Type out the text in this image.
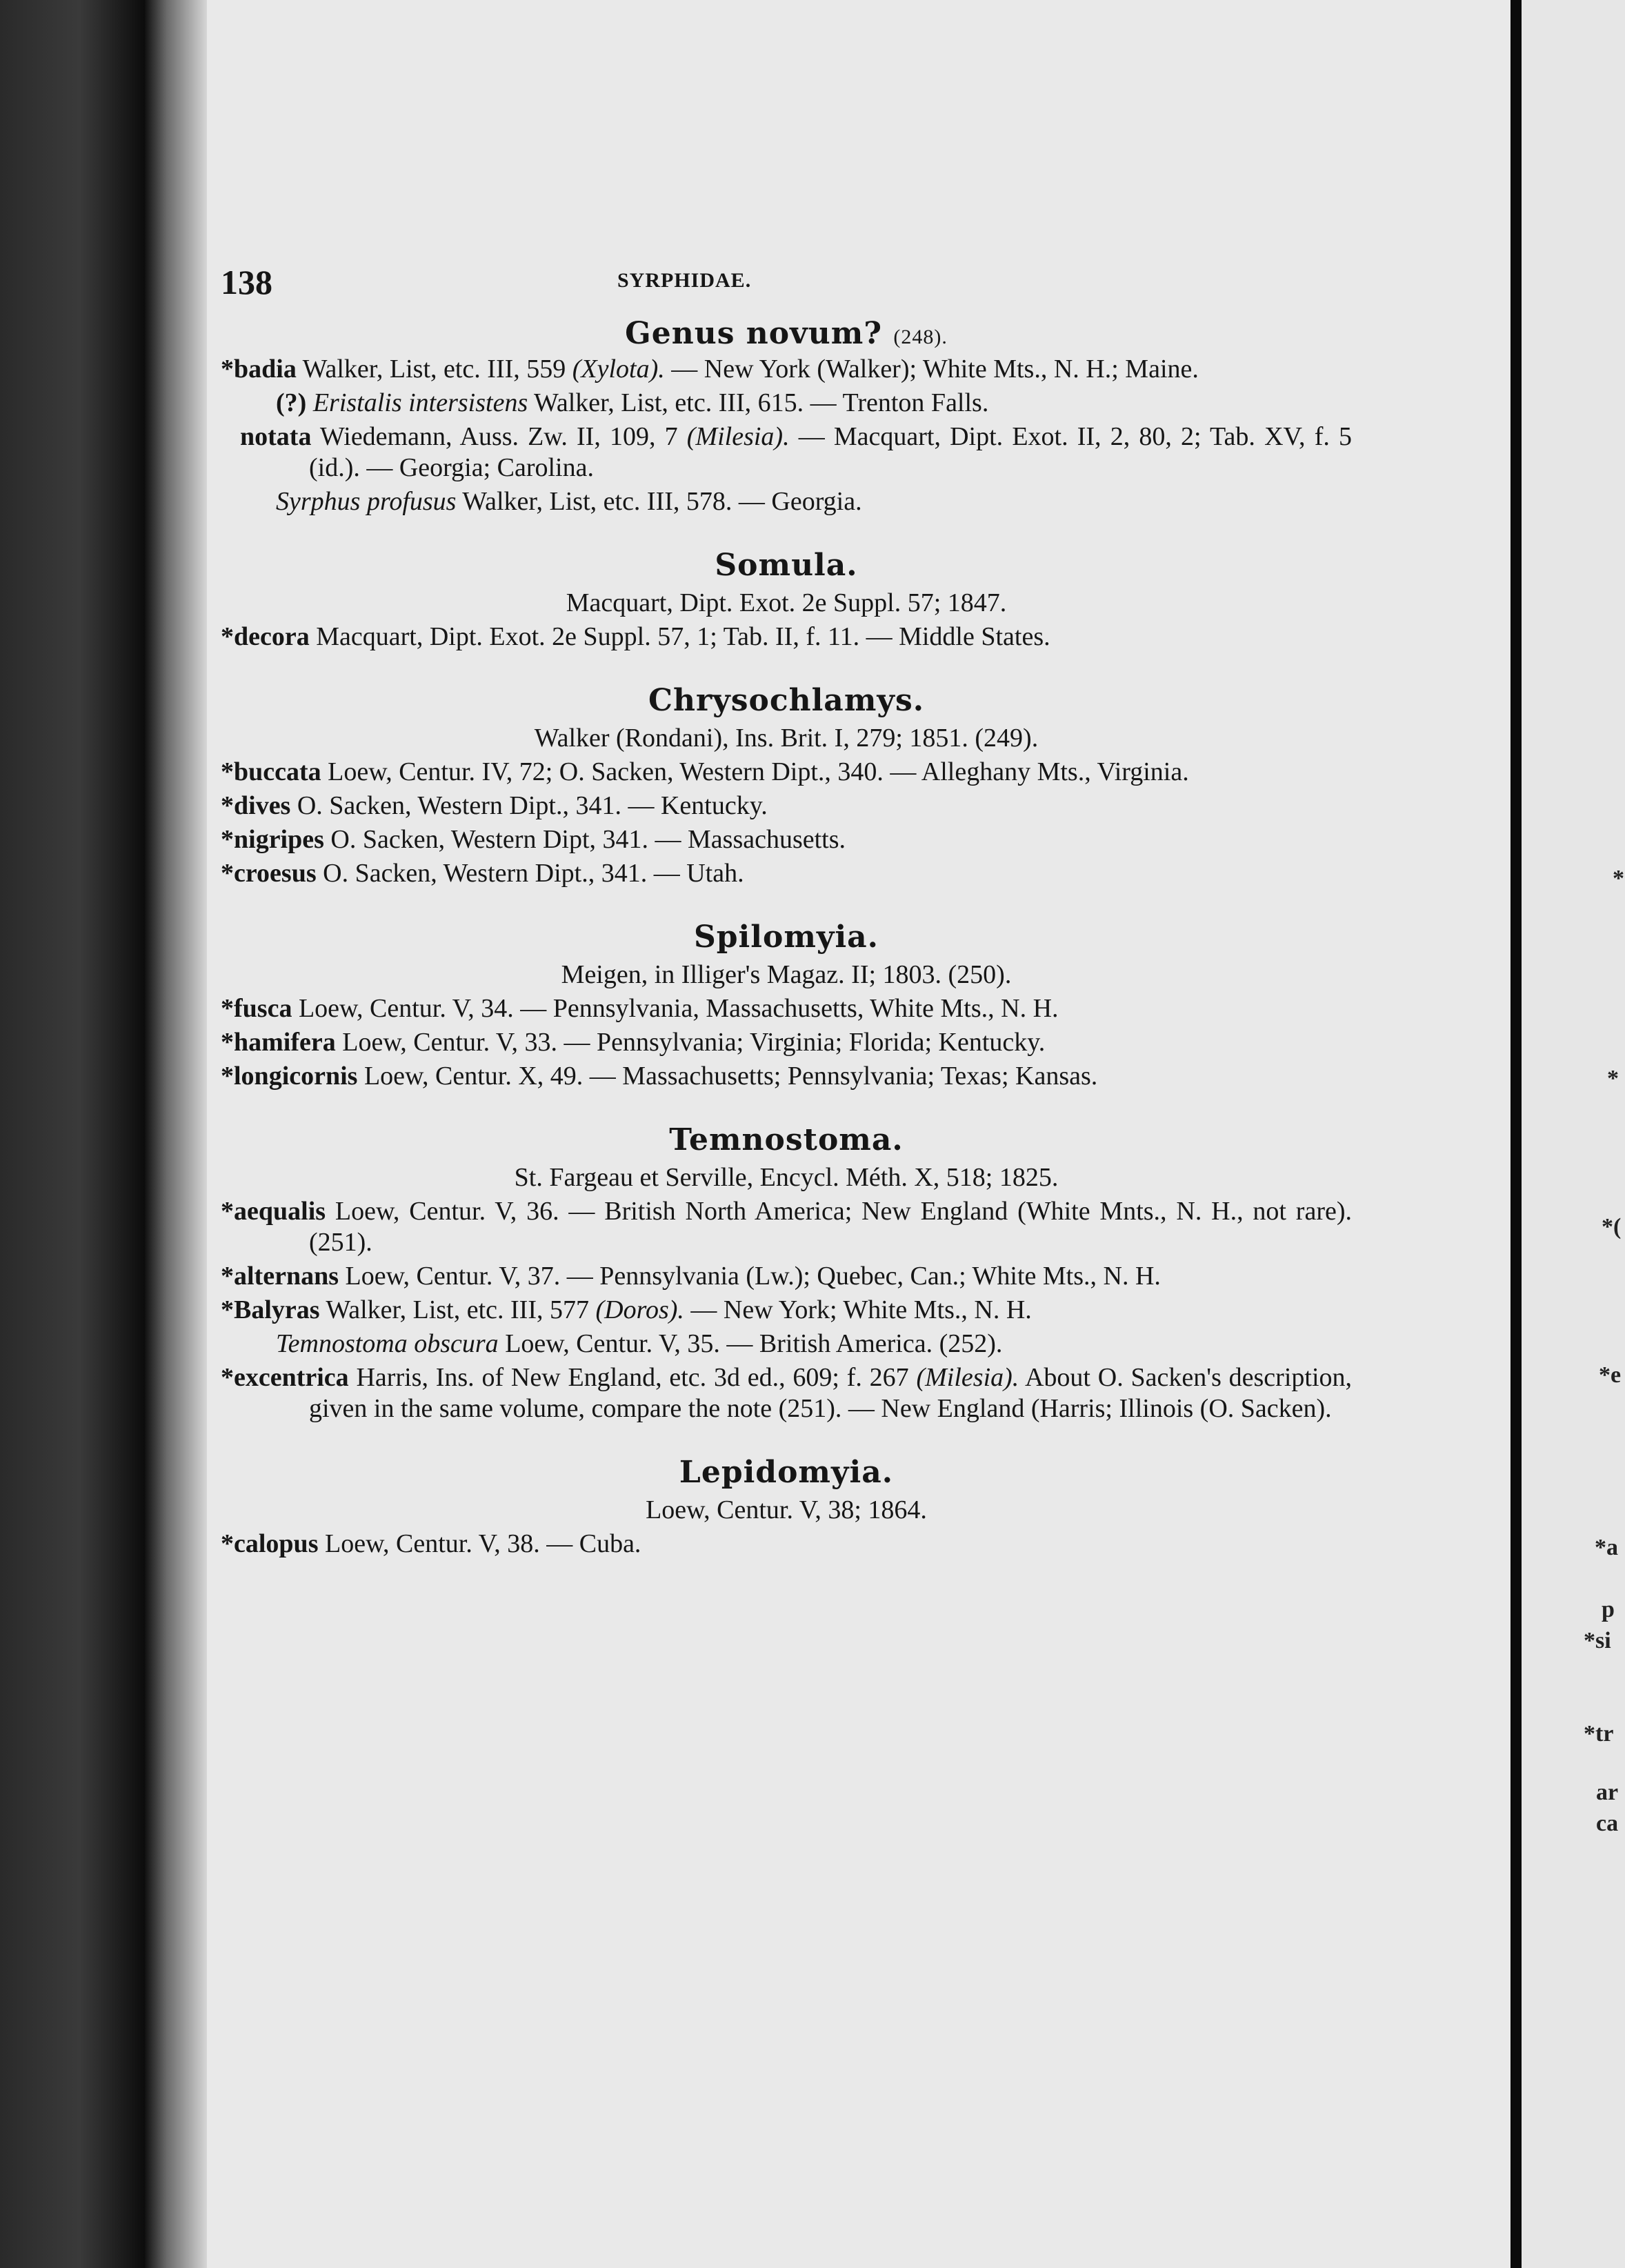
*
*
*(
*e
*a
p
*si
*tr
ar
ca
138	SYRPHIDAE.
Genus novum? (248).
*badia Walker, List, etc. III, 559 (Xylota). — New York (Walker); White Mts., N. H.; Maine.
(?) Eristalis intersistens Walker, List, etc. III, 615. — Trenton Falls.
notata Wiedemann, Auss. Zw. II, 109, 7 (Milesia). — Macquart, Dipt. Exot. II, 2, 80, 2; Tab. XV, f. 5 (id.). — Georgia; Carolina.
Syrphus profusus Walker, List, etc. III, 578. — Georgia.
Somula.
Macquart, Dipt. Exot. 2e Suppl. 57; 1847.
*decora Macquart, Dipt. Exot. 2e Suppl. 57, 1; Tab. II, f. 11. — Middle States.
Chrysochlamys.
Walker (Rondani), Ins. Brit. I, 279; 1851. (249).
*buccata Loew, Centur. IV, 72; O. Sacken, Western Dipt., 340. — Alleghany Mts., Virginia.
*dives O. Sacken, Western Dipt., 341. — Kentucky.
*nigripes O. Sacken, Western Dipt, 341. — Massachusetts.
*croesus O. Sacken, Western Dipt., 341. — Utah.
Spilomyia.
Meigen, in Illiger's Magaz. II; 1803. (250).
*fusca Loew, Centur. V, 34. — Pennsylvania, Massachusetts, White Mts., N. H.
*hamifera Loew, Centur. V, 33. — Pennsylvania; Virginia; Florida; Kentucky.
*longicornis Loew, Centur. X, 49. — Massachusetts; Pennsylvania; Texas; Kansas.
Temnostoma.
St. Fargeau et Serville, Encycl. Méth. X, 518; 1825.
*aequalis Loew, Centur. V, 36. — British North America; New England (White Mnts., N. H., not rare). (251).
*alternans Loew, Centur. V, 37. — Pennsylvania (Lw.); Quebec, Can.; White Mts., N. H.
*Balyras Walker, List, etc. III, 577 (Doros). — New York; White Mts., N. H.
Temnostoma obscura Loew, Centur. V, 35. — British America. (252).
*excentrica Harris, Ins. of New England, etc. 3d ed., 609; f. 267 (Milesia). About O. Sacken's description, given in the same volume, compare the note (251). — New England (Harris; Illinois (O. Sacken).
Lepidomyia.
Loew, Centur. V, 38; 1864.
*calopus Loew, Centur. V, 38. — Cuba.
